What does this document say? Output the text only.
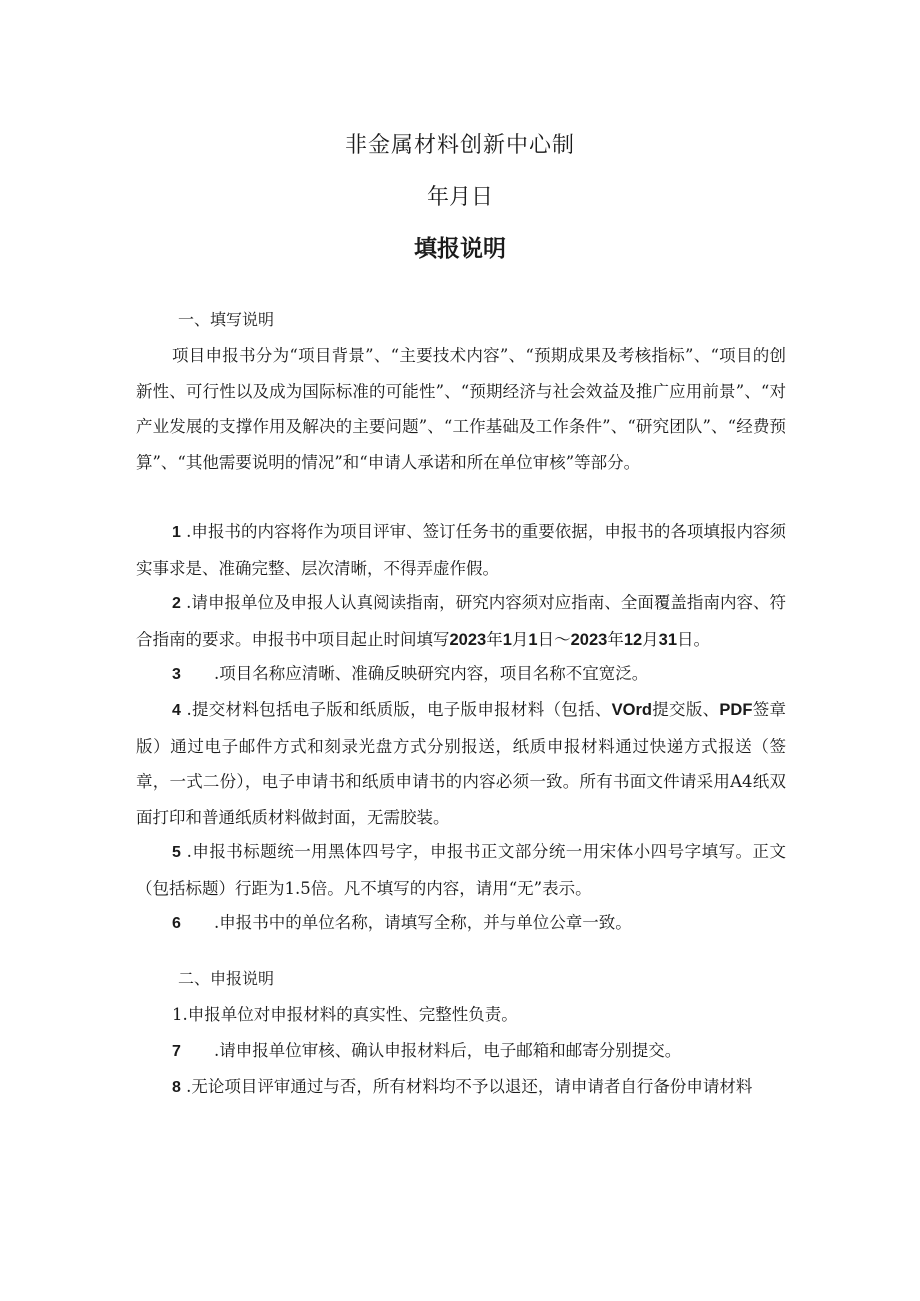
非金属材料创新中心制
年月日
填报说明
一、填写说明
项目申报书分为“项目背景”、“主要技术内容”、“预期成果及考核指标”、“项目的创新性、可行性以及成为国际标准的可能性”、“预期经济与社会效益及推广应用前景”、“对产业发展的支撑作用及解决的主要问题”、“工作基础及工作条件”、“研究团队”、“经费预算”、“其他需要说明的情况”和“申请人承诺和所在单位审核”等部分。
1 .申报书的内容将作为项目评审、签订任务书的重要依据，申报书的各项填报内容须实事求是、准确完整、层次清晰，不得弄虚作假。
2 .请申报单位及申报人认真阅读指南，研究内容须对应指南、全面覆盖指南内容、符合指南的要求。申报书中项目起止时间填写2023年1月1日～2023年12月31日。
3 .项目名称应清晰、准确反映研究内容，项目名称不宜宽泛。
4 .提交材料包括电子版和纸质版，电子版申报材料（包括、VOrd提交版、PDF签章版）通过电子邮件方式和刻录光盘方式分别报送，纸质申报材料通过快递方式报送（签章，一式二份），电子申请书和纸质申请书的内容必须一致。所有书面文件请采用A4纸双面打印和普通纸质材料做封面，无需胶装。
5 .申报书标题统一用黑体四号字，申报书正文部分统一用宋体小四号字填写。正文（包括标题）行距为1.5倍。凡不填写的内容，请用“无”表示。
6 .申报书中的单位名称，请填写全称，并与单位公章一致。
二、申报说明
1.申报单位对申报材料的真实性、完整性负责。
7 .请申报单位审核、确认申报材料后，电子邮箱和邮寄分别提交。
8 .无论项目评审通过与否，所有材料均不予以退还，请申请者自行备份申请材料
